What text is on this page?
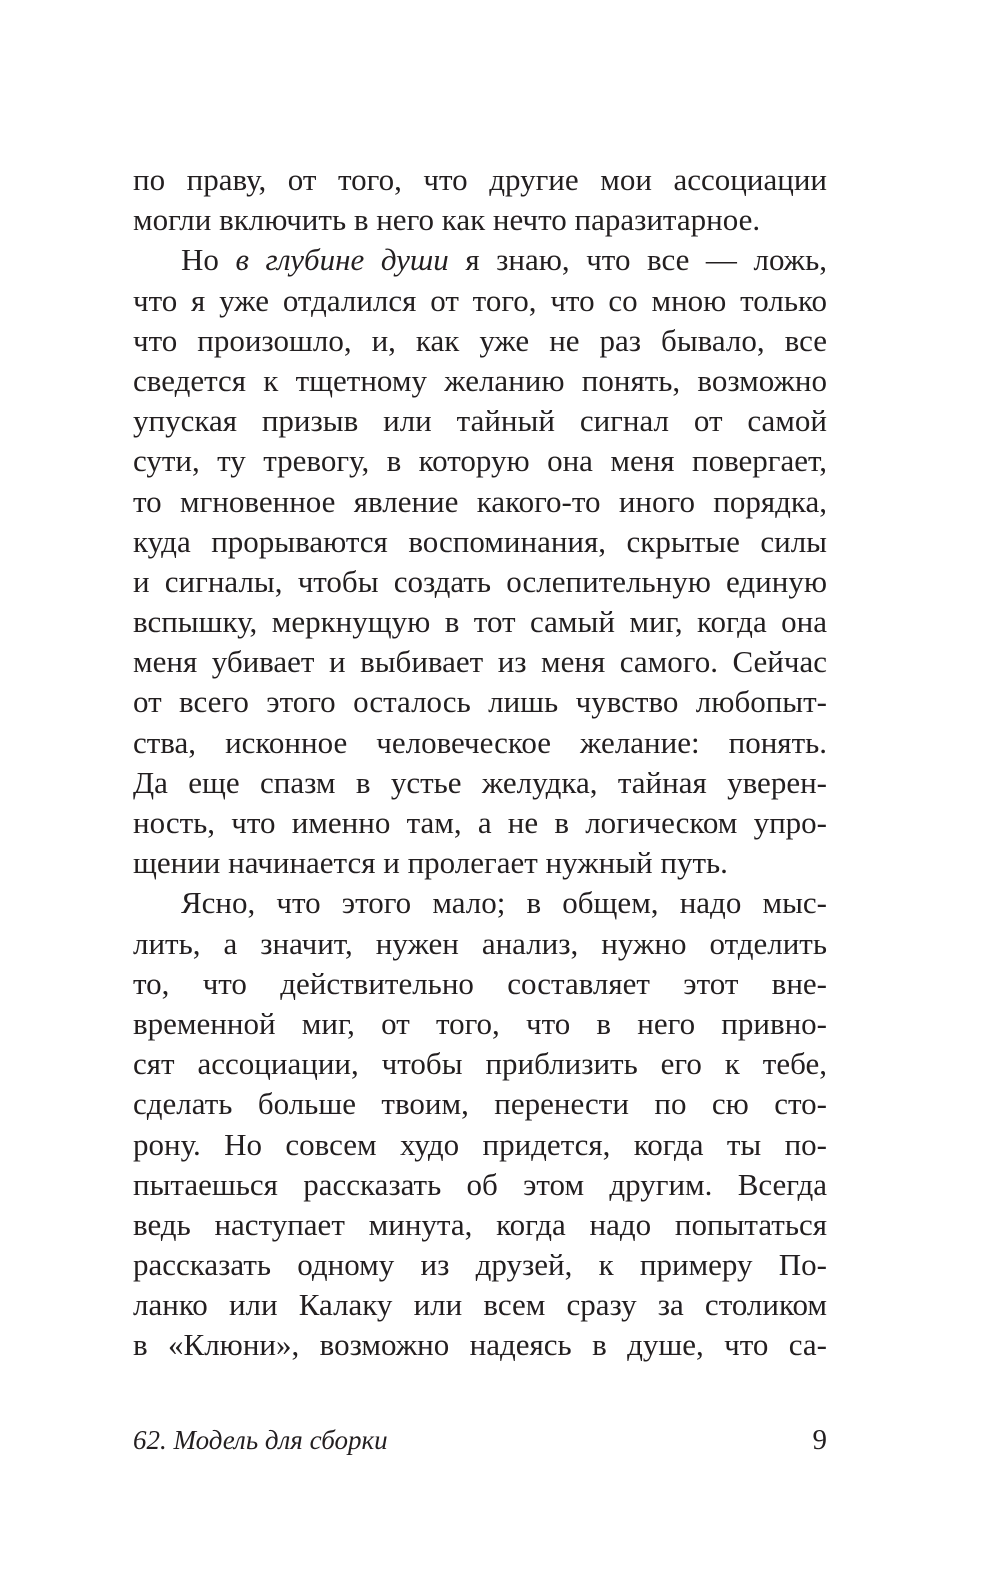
по праву, от того, что другие мои ассоциации
могли включить в него как нечто паразитарное.
Но в глубине души я знаю, что все — ложь,
что я уже отдалился от того, что со мною только
что произошло, и, как уже не раз бывало, все
сведется к тщетному желанию понять, возможно
упуская призыв или тайный сигнал от самой
сути, ту тревогу, в которую она меня повергает,
то мгновенное явление какого-то иного порядка,
куда прорываются воспоминания, скрытые силы
и сигналы, чтобы создать ослепительную единую
вспышку, меркнущую в тот самый миг, когда она
меня убивает и выбивает из меня самого. Сейчас
от всего этого осталось лишь чувство любопыт-
ства, исконное человеческое желание: понять.
Да еще спазм в устье желудка, тайная уверен-
ность, что именно там, а не в логическом упро-
щении начинается и пролегает нужный путь.
Ясно, что этого мало; в общем, надо мыс-
лить, а значит, нужен анализ, нужно отделить
то, что действительно составляет этот вне-
временной миг, от того, что в него привно-
сят ассоциации, чтобы приблизить его к тебе,
сделать больше твоим, перенести по сю сто-
рону. Но совсем худо придется, когда ты по-
пытаешься рассказать об этом другим. Всегда
ведь наступает минута, когда надо попытаться
рассказать одному из друзей, к примеру По-
ланко или Калаку или всем сразу за столиком
в «Клюни», возможно надеясь в душе, что са-
62. Модель для сборки	9
